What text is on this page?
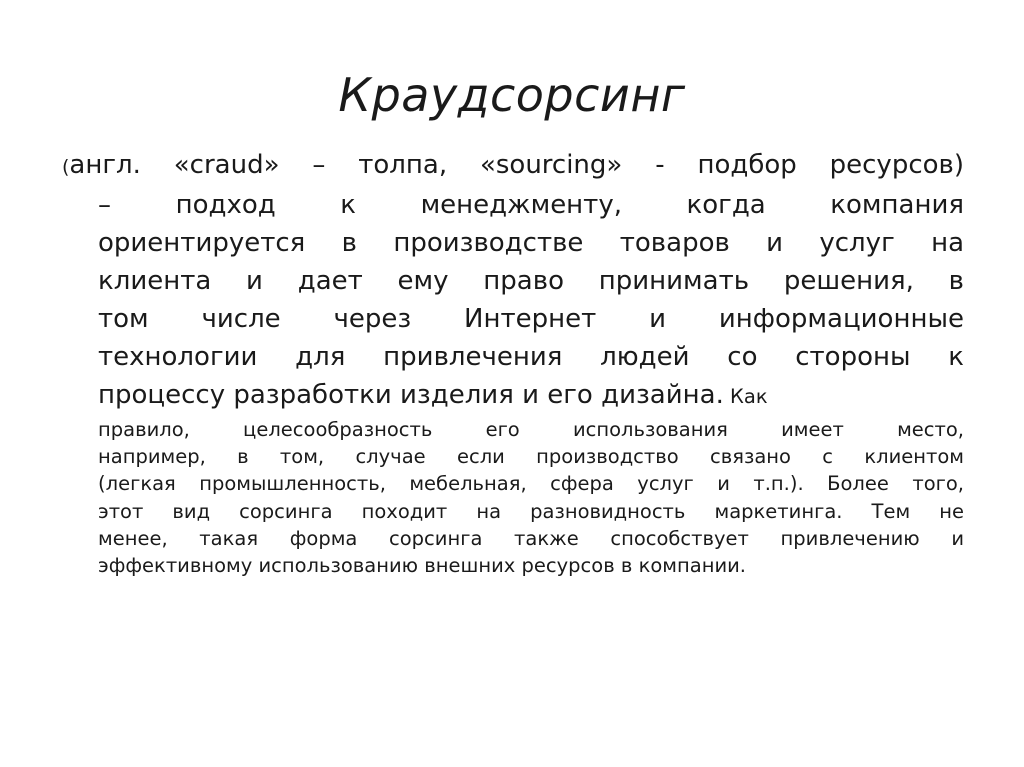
Краудсорсинг
(англ. «craud» – толпа, «sourcing» - подбор ресурсов)
– подход к менеджменту, когда компания
ориентируется в производстве товаров и услуг на
клиента и дает ему право принимать решения, в
том числе через Интернет и информационные
технологии для привлечения людей со стороны к
процессу разработки изделия и его дизайна. Как
правило, целесообразность его использования имеет место,
например, в том, случае если производство связано с клиентом
(легкая промышленность, мебельная, сфера услуг и т.п.). Более того,
этот вид сорсинга походит на разновидность маркетинга. Тем не
менее, такая форма сорсинга также способствует привлечению и
эффективному использованию внешних ресурсов в компании.
